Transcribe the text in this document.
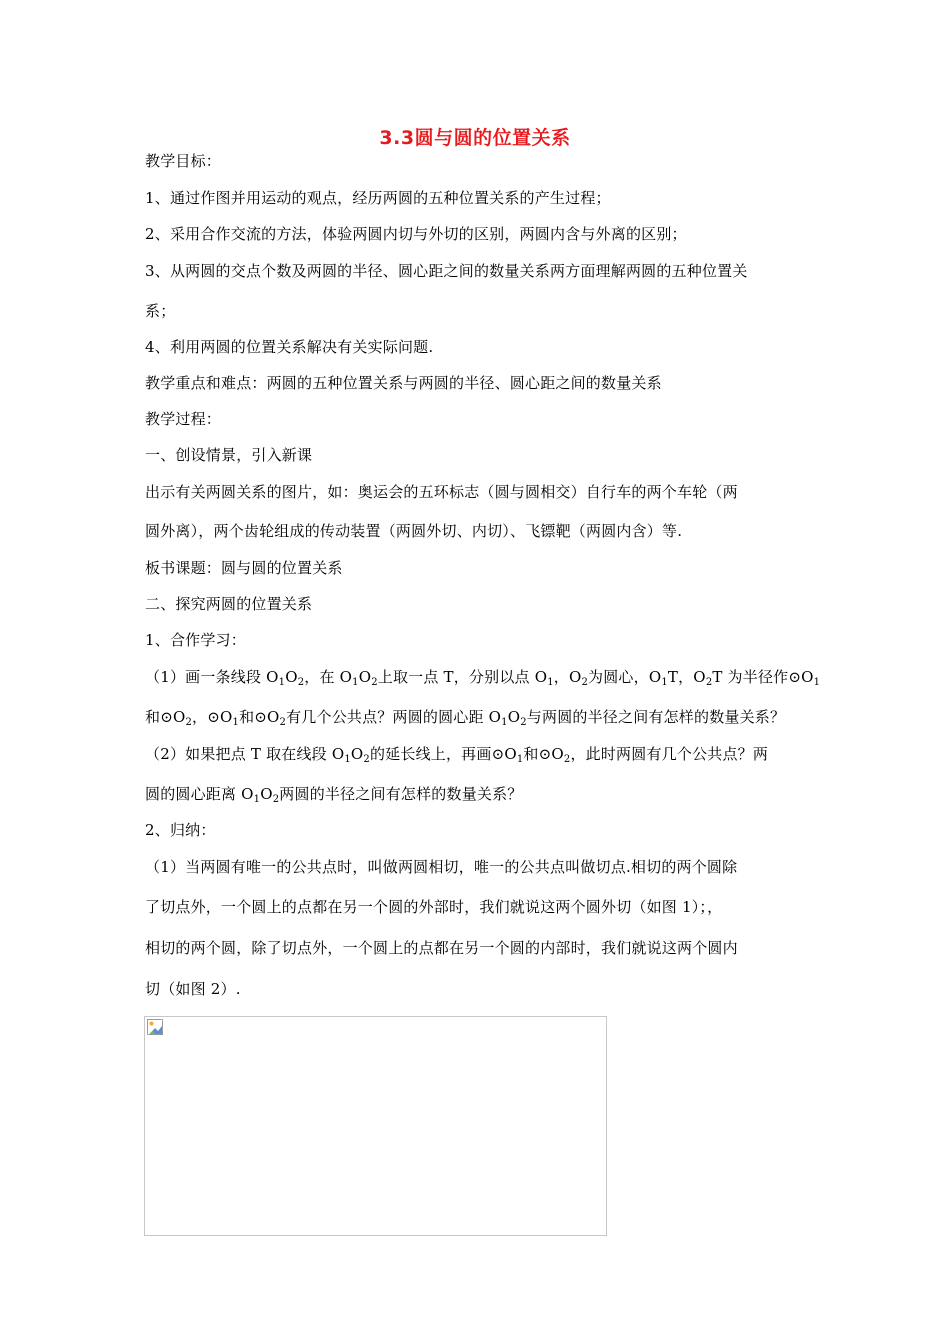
3.3圆与圆的位置关系
教学目标：
1、通过作图并用运动的观点，经历两圆的五种位置关系的产生过程；
2、采用合作交流的方法，体验两圆内切与外切的区别，两圆内含与外离的区别；
3、从两圆的交点个数及两圆的半径、圆心距之间的数量关系两方面理解两圆的五种位置关
系；
4、利用两圆的位置关系解决有关实际问题.
教学重点和难点：两圆的五种位置关系与两圆的半径、圆心距之间的数量关系
教学过程：
一、创设情景，引入新课
出示有关两圆关系的图片，如：奥运会的五环标志（圆与圆相交）自行车的两个车轮（两
圆外离），两个齿轮组成的传动装置（两圆外切、内切）、飞镖靶（两圆内含）等.
板书课题：圆与圆的位置关系
二、探究两圆的位置关系
1、合作学习：
（1）画一条线段 $O_1O_2$，在 $O_1O_2$上取一点 T，分别以点 $O_1$，$O_2$为圆心，$O_1T$，$O_2T$ 为半径作$⊙O_1$
和$⊙O_2$，$⊙O_1$和$⊙O_2$有几个公共点？两圆的圆心距 $O_1O_2$与两圆的半径之间有怎样的数量关系？
（2）如果把点 T 取在线段 $O_1O_2$的延长线上，再画$⊙O_1$和$⊙O_2$，此时两圆有几个公共点？两
圆的圆心距离 $O_1O_2$两圆的半径之间有怎样的数量关系？
2、归纳：
（1）当两圆有唯一的公共点时，叫做两圆相切，唯一的公共点叫做切点.相切的两个圆除
了切点外，一个圆上的点都在另一个圆的外部时，我们就说这两个圆外切（如图 1）；，
相切的两个圆，除了切点外，一个圆上的点都在另一个圆的内部时，我们就说这两个圆内
切（如图 2）.
